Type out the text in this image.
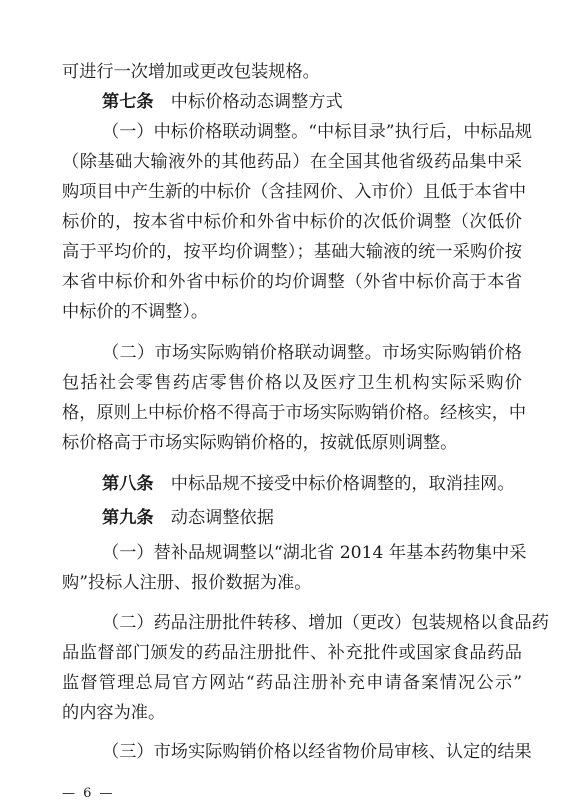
可进行一次增加或更改包装规格。
第七条  中标价格动态调整方式
（一）中标价格联动调整。“中标目录”执行后，中标品规
（除基础大输液外的其他药品）在全国其他省级药品集中采
购项目中产生新的中标价（含挂网价、入市价）且低于本省中
标价的，按本省中标价和外省中标价的次低价调整（次低价
高于平均价的，按平均价调整）；基础大输液的统一采购价按
本省中标价和外省中标价的均价调整（外省中标价高于本省
中标价的不调整）。
（二）市场实际购销价格联动调整。市场实际购销价格
包括社会零售药店零售价格以及医疗卫生机构实际采购价
格，原则上中标价格不得高于市场实际购销价格。经核实，中
标价格高于市场实际购销价格的，按就低原则调整。
第八条  中标品规不接受中标价格调整的，取消挂网。
第九条  动态调整依据
（一）替补品规调整以“湖北省 2014 年基本药物集中采
购”投标人注册、报价数据为准。
（二）药品注册批件转移、增加（更改）包装规格以食品药
品监督部门颁发的药品注册批件、补充批件或国家食品药品
监督管理总局官方网站“药品注册补充申请备案情况公示”
的内容为准。
（三）市场实际购销价格以经省物价局审核、认定的结果
— 6 —
